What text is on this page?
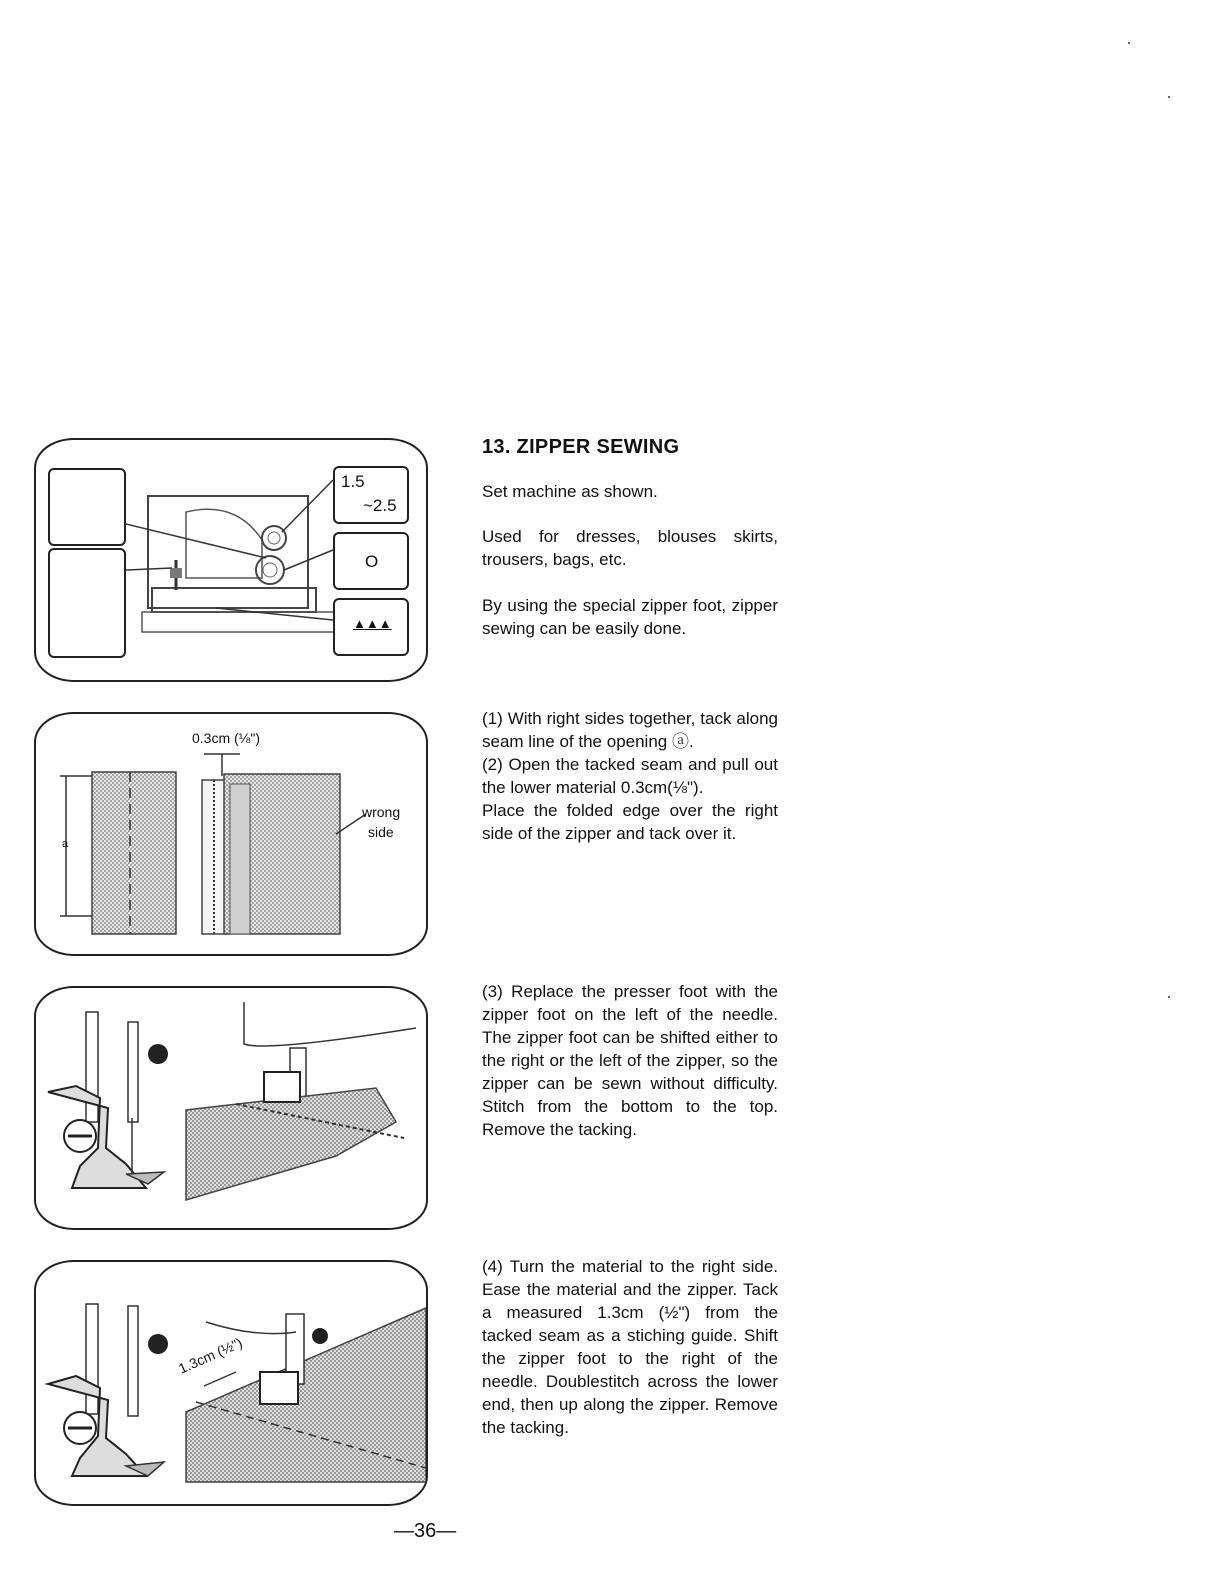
1.5
~2.5
O
▲▲▲
0.3cm (⅛")
wrong
side
a
1.3cm (½")
13. ZIPPER SEWING
Set machine as shown.
Used for dresses, blouses skirts, trousers, bags, etc.
By using the special zipper foot, zipper sewing can be easily done.

(1) With right sides together, tack along seam line of the opening ⓐ.

(2) Open the tacked seam and pull out the lower material 0.3cm(⅛").

Place the folded edge over the right side of the zipper and tack over it.

(3) Replace the presser foot with the zipper foot on the left of the needle. The zipper foot can be shifted either to the right or the left of the zipper, so the zipper can be sewn without difficulty. Stitch from the bottom to the top. Remove the tacking.
(4) Turn the material to the right side. Ease the material and the zipper. Tack a measured 1.3cm (½") from the tacked seam as a stiching guide. Shift the zipper foot to the right of the needle. Doublestitch across the lower end, then up along the zipper. Remove the tacking.
—36—
